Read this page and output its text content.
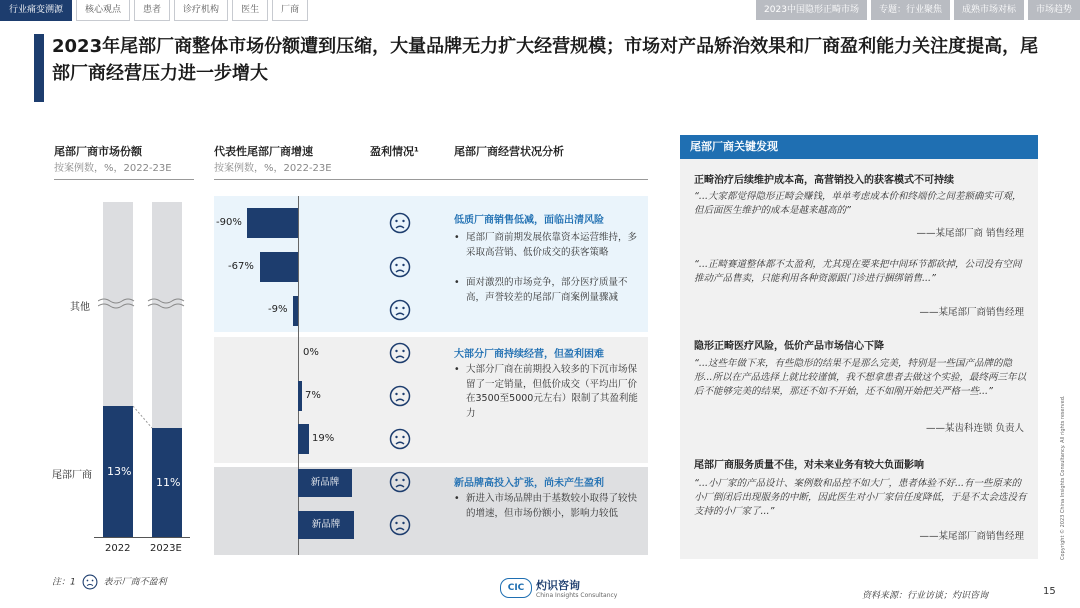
行业痛变溯源	核心观点	患者	诊疗机构	医生	厂商	2023中国隐形正畸市场	专题：行业聚焦	成熟市场对标	市场趋势
2023年尾部厂商整体市场份额遭到压缩，大量品牌无力扩大经营规模；市场对产品矫治效果和厂商盈利能力关注度提高，尾部厂商经营压力进一步增大
尾部厂商市场份额
按案例数，%，2022-23E
代表性尾部厂商增速
按案例数，%，2022-23E
盈利情况¹	尾部厂商经营状况分析
其他
尾部厂商 13%
11%
2022 2023E
-90%
-67%
-9%
0%
7%
19%
新品牌
新品牌
低质厂商销售低减，面临出清风险
• 尾部厂商前期发展依靠资本运营维持，多采取高营销、低价成交的获客策略
• 面对激烈的市场竞争，部分医疗质量不高，声誉较差的尾部厂商案例量骤减
大部分厂商持续经营，但盈利困难
• 大部分厂商在前期投入较多的下沉市场保留了一定销量，但低价成交（平均出厂价在3500至5000元左右）限制了其盈利能力
新品牌高投入扩张，尚未产生盈利
• 新进入市场品牌由于基数较小取得了较快的增速，但市场份额小，影响力较低
尾部厂商关键发现
正畸治疗后续维护成本高，高营销投入的获客模式不可持续
“...大家都觉得隐形正畸会赚钱，单单考虑成本价和终端价之间差额确实可观，但后面医生维护的成本是越来越高的”
——某尾部厂商 销售经理
“...正畸赛道整体都不太盈利，尤其现在要来把中间环节都砍掉，公司没有空间推动产品售卖，只能利用各种资源跟门诊进行捆绑销售...”
——某尾部厂商销售经理
隐形正畸医疗风险，低价产品市场信心下降
“...这些年做下来，有些隐形的结果不是那么完美，特别是一些国产品牌的隐形...所以在产品选择上就比较谨慎，我不想拿患者去做这个实验，最终两三年以后不能够完美的结果，那还不如不开始，还不如刚开始把关严格一些...”
——某齿科连锁 负责人
尾部厂商服务质量不佳，对未来业务有较大负面影响
“...小厂家的产品设计、案例数和品控不如大厂，患者体验不好...有一些原来的小厂倒闭后出现服务的中断，因此医生对小厂家信任度降低，于是不太会选没有支持的小厂家了...”
——某尾部厂商销售经理
注：1	表示厂商不盈利
CIC	灼识咨询
China Insights Consultancy	资料来源：行业访谈；灼识咨询	15
Copyright © 2023 China Insights Consultancy. All rights reserved.
